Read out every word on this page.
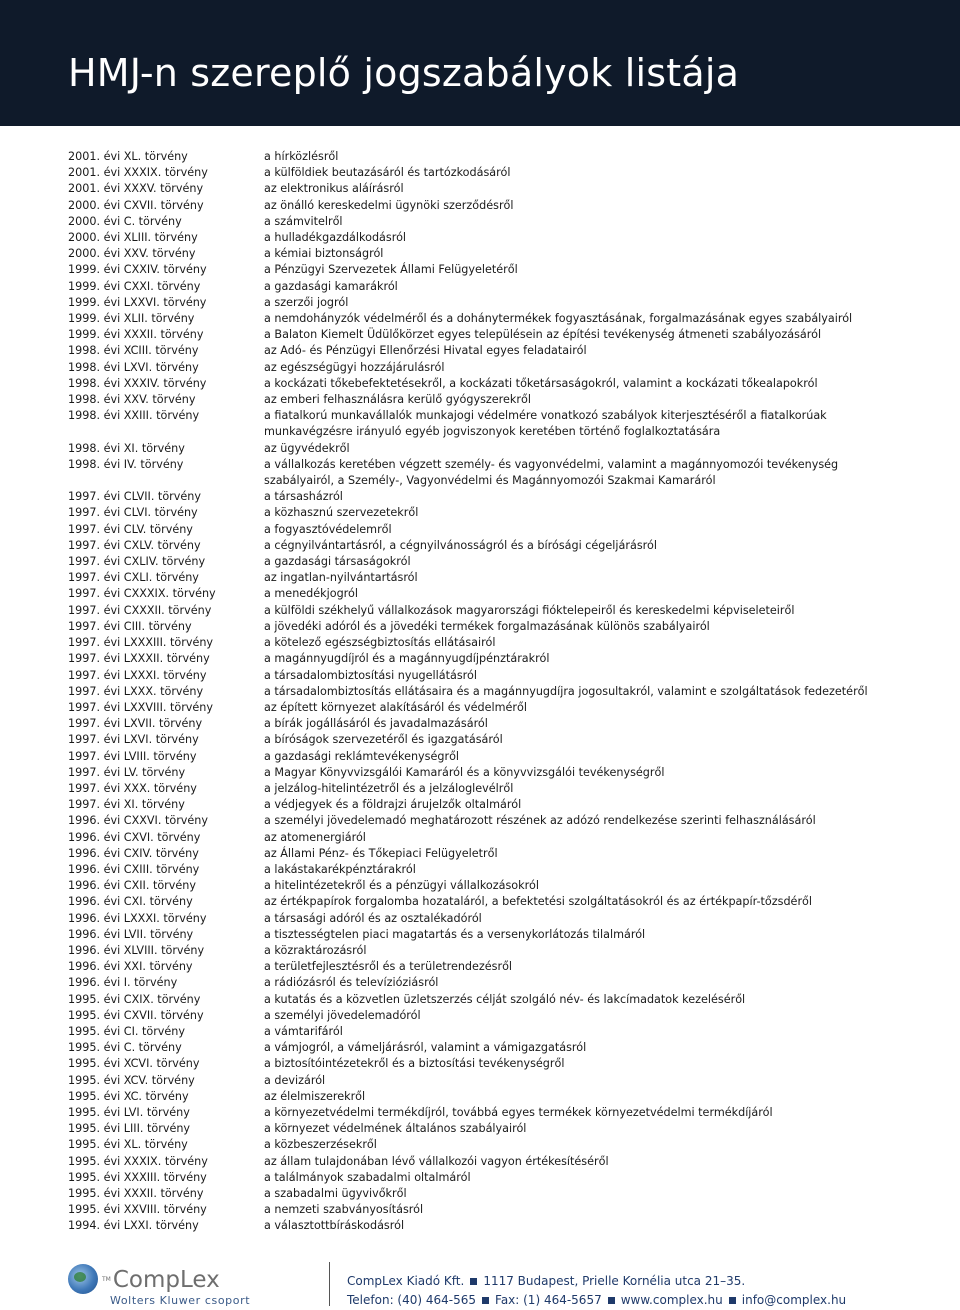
HMJ-n szereplő jogszabályok listája
2001. évi XL. törvény	a hírközlésről
2001. évi XXXIX. törvény	a külföldiek beutazásáról és tartózkodásáról
2001. évi XXXV. törvény	az elektronikus aláírásról
2000. évi CXVII. törvény	az önálló kereskedelmi ügynöki szerződésről
2000. évi C. törvény	a számvitelről
2000. évi XLIII. törvény	a hulladékgazdálkodásról
2000. évi XXV. törvény	a kémiai biztonságról
1999. évi CXXIV. törvény	a Pénzügyi Szervezetek Állami Felügyeletéről
1999. évi CXXI. törvény	a gazdasági kamarákról
1999. évi LXXVI. törvény	a szerzői jogról
1999. évi XLII. törvény	a nemdohányzók védelméről és a dohánytermékek fogyasztásának, forgalmazásának egyes szabályairól
1999. évi XXXII. törvény	a Balaton Kiemelt Üdülőkörzet egyes településein az építési tevékenység átmeneti szabályozásáról
1998. évi XCIII. törvény	az Adó- és Pénzügyi Ellenőrzési Hivatal egyes feladatairól
1998. évi LXVI. törvény	az egészségügyi hozzájárulásról
1998. évi XXXIV. törvény	a kockázati tőkebefektetésekről, a kockázati tőketársaságokról, valamint a kockázati tőkealapokról
1998. évi XXV. törvény	az emberi felhasználásra kerülő gyógyszerekről
1998. évi XXIII. törvény	a fiatalkorú munkavállalók munkajogi védelmére vonatkozó szabályok kiterjesztéséről a fiatalkorúak munkavégzésre irányuló egyéb jogviszonyok keretében történő foglalkoztatására
1998. évi XI. törvény	az ügyvédekről
1998. évi IV. törvény	a vállalkozás keretében végzett személy- és vagyonvédelmi, valamint a magánnyomozói tevékenység szabályairól, a Személy-, Vagyonvédelmi és Magánnyomozói Szakmai Kamaráról
1997. évi CLVII. törvény	a társasházról
1997. évi CLVI. törvény	a közhasznú szervezetekről
1997. évi CLV. törvény	a fogyasztóvédelemről
1997. évi CXLV. törvény	a cégnyilvántartásról, a cégnyilvánosságról és a bírósági cégeljárásról
1997. évi CXLIV. törvény	a gazdasági társaságokról
1997. évi CXLI. törvény	az ingatlan-nyilvántartásról
1997. évi CXXXIX. törvény	a menedékjogról
1997. évi CXXXII. törvény	a külföldi székhelyű vállalkozások magyarországi fióktelepeiről és kereskedelmi képviseleteiről
1997. évi CIII. törvény	a jövedéki adóról és a jövedéki termékek forgalmazásának különös szabályairól
1997. évi LXXXIII. törvény	a kötelező egészségbiztosítás ellátásairól
1997. évi LXXXII. törvény	a magánnyugdíjról és a magánnyugdíjpénztárakról
1997. évi LXXXI. törvény	a társadalombiztosítási nyugellátásról
1997. évi LXXX. törvény	a társadalombiztosítás ellátásaira és a magánnyugdíjra jogosultakról, valamint e szolgáltatások fedezetéről
1997. évi LXXVIII. törvény	az épített környezet alakításáról és védelméről
1997. évi LXVII. törvény	a bírák jogállásáról és javadalmazásáról
1997. évi LXVI. törvény	a bíróságok szervezetéről és igazgatásáról
1997. évi LVIII. törvény	a gazdasági reklámtevékenységről
1997. évi LV. törvény	a Magyar Könyvvizsgálói Kamaráról és a könyvvizsgálói tevékenységről
1997. évi XXX. törvény	a jelzálog-hitelintézetről és a jelzáloglevélről
1997. évi XI. törvény	a védjegyek és a földrajzi árujelzők oltalmáról
1996. évi CXXVI. törvény	a személyi jövedelemadó meghatározott részének az adózó rendelkezése szerinti felhasználásáról
1996. évi CXVI. törvény	az atomenergiáról
1996. évi CXIV. törvény	az Állami Pénz- és Tőkepiaci Felügyeletről
1996. évi CXIII. törvény	a lakástakarékpénztárakról
1996. évi CXII. törvény	a hitelintézetekről és a pénzügyi vállalkozásokról
1996. évi CXI. törvény	az értékpapírok forgalomba hozataláról, a befektetési szolgáltatásokról és az értékpapír-tőzsdéről
1996. évi LXXXI. törvény	a társasági adóról és az osztalékadóról
1996. évi LVII. törvény	a tisztességtelen piaci magatartás és a versenykorlátozás tilalmáról
1996. évi XLVIII. törvény	a közraktározásról
1996. évi XXI. törvény	a területfejlesztésről és a területrendezésről
1996. évi I. törvény	a rádiózásról és televízióziásról
1995. évi CXIX. törvény	a kutatás és a közvetlen üzletszerzés célját szolgáló név- és lakcímadatok kezeléséről
1995. évi CXVII. törvény	a személyi jövedelemadóról
1995. évi CI. törvény	a vámtarifáról
1995. évi C. törvény	a vámjogról, a vámeljárásról, valamint a vámigazgatásról
1995. évi XCVI. törvény	a biztosítóintézetekről és a biztosítási tevékenységről
1995. évi XCV. törvény	a devizáról
1995. évi XC. törvény	az élelmiszerekről
1995. évi LVI. törvény	a környezetvédelmi termékdíjról, továbbá egyes termékek környezetvédelmi termékdíjáról
1995. évi LIII. törvény	a környezet védelmének általános szabályairól
1995. évi XL. törvény	a közbeszerzésekről
1995. évi XXXIX. törvény	az állam tulajdonában lévő vállalkozói vagyon értékesítéséről
1995. évi XXXIII. törvény	a találmányok szabadalmi oltalmáról
1995. évi XXXII. törvény	a szabadalmi ügyvivőkről
1995. évi XXVIII. törvény	a nemzeti szabványosításról
1994. évi LXXI. törvény	a választottbíráskodásról
™CompLex
Wolters Kluwer csoport
CompLex Kiadó Kft. 1117 Budapest, Prielle Kornélia utca 21–35.
Telefon: (40) 464-565 Fax: (1) 464-5657 www.complex.hu info@complex.hu
